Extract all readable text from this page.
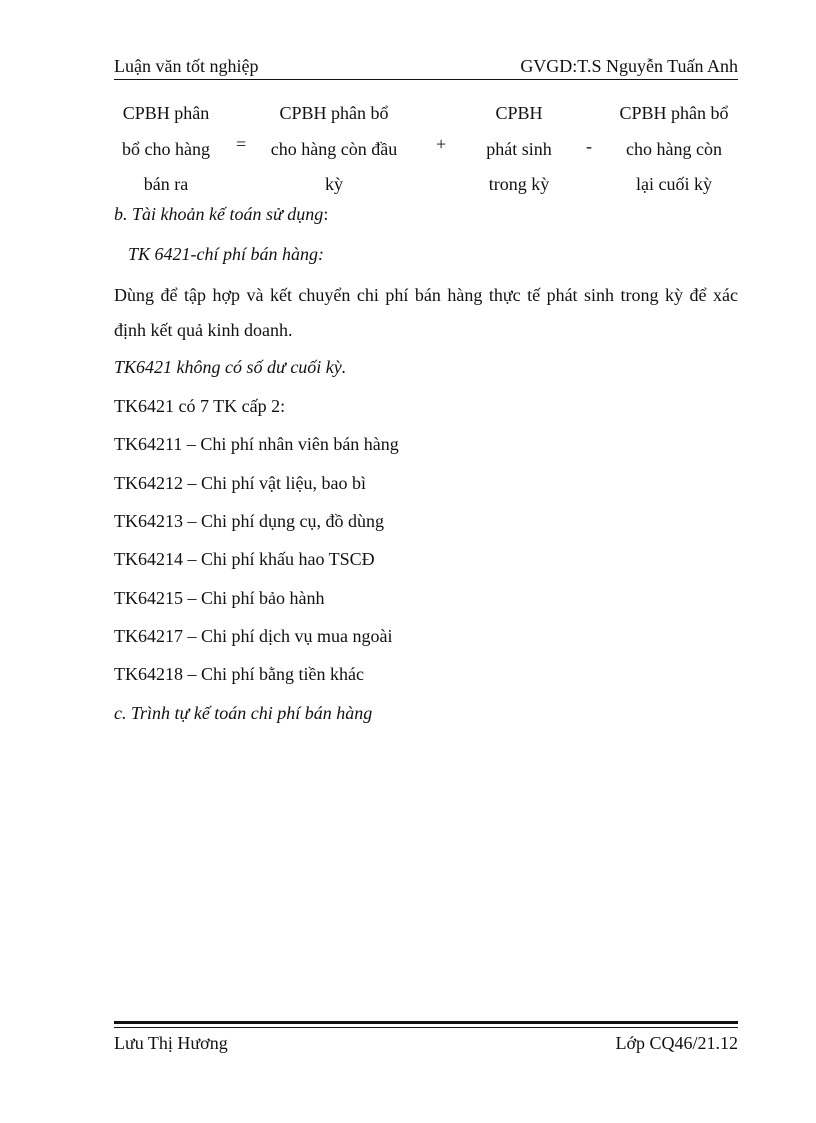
Luận văn tốt nghiệp	GVGD:T.S Nguyễn Tuấn Anh
CPBH phân
bổ cho hàng
bán ra
=
CPBH phân bổ
cho hàng còn đầu
kỳ
+
CPBH
phát sinh
trong kỳ
-
CPBH phân bổ
cho hàng còn
lại cuối kỳ
b. Tài khoản kế toán sử dụng:
TK 6421-chí phí bán hàng:
Dùng để tập hợp và kết chuyển chi phí bán hàng thực tế phát sinh trong kỳ để xác
định kết quả kinh doanh.
TK6421 không có số dư cuối kỳ.
TK6421 có 7 TK cấp 2:
TK64211 – Chi phí nhân viên bán hàng
TK64212 – Chi phí vật liệu, bao bì
TK64213 – Chi phí dụng cụ, đồ dùng
TK64214 – Chi phí khấu hao TSCĐ
TK64215 – Chi phí bảo hành
TK64217 – Chi phí dịch vụ mua ngoài
TK64218 – Chi phí bằng tiền khác
c. Trình tự kế toán chi phí bán hàng
Lưu Thị Hương	Lớp CQ46/21.12
